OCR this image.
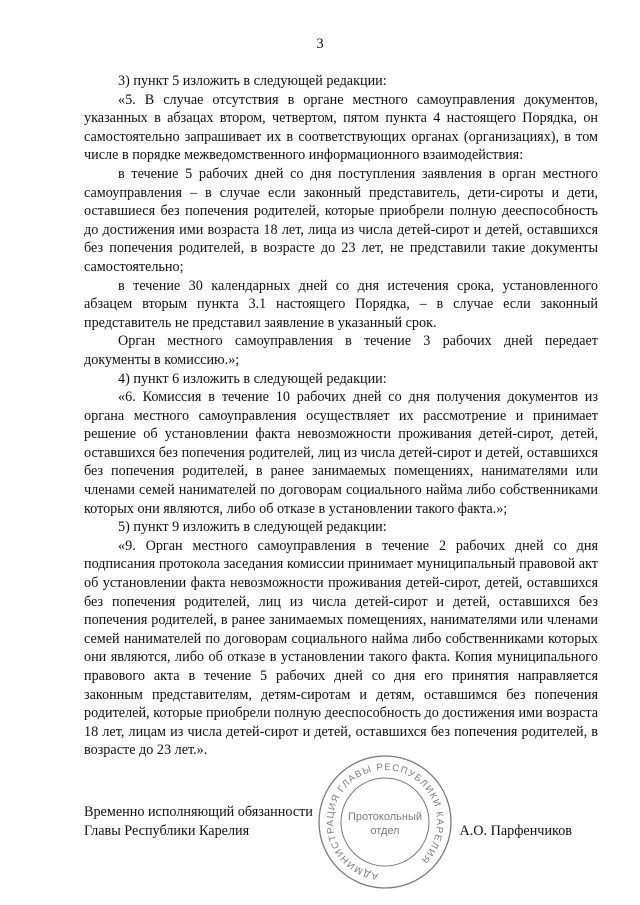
3

3) пункт 5 изложить в следующей редакции:

«5. В случае отсутствия в органе местного самоуправления документов, указанных в абзацах втором, четвертом, пятом пункта 4 настоящего Порядка, он самостоятельно запрашивает их в соответствующих органах (организациях), в том числе в порядке межведомственного информационного взаимодействия:

в течение 5 рабочих дней со дня поступления заявления в орган местного самоуправления – в случае если законный представитель, дети-сироты и дети, оставшиеся без попечения родителей, которые приобрели полную дееспособность до достижения ими возраста 18 лет, лица из числа детей-сирот и детей, оставшихся без попечения родителей, в возрасте до 23 лет, не представили такие документы самостоятельно;

в течение 30 календарных дней со дня истечения срока, установленного абзацем вторым пункта 3.1 настоящего Порядка, – в случае если законный представитель не представил заявление в указанный срок.

Орган местного самоуправления в течение 3 рабочих дней передает документы в комиссию.»;

4) пункт 6 изложить в следующей редакции:

«6. Комиссия в течение 10 рабочих дней со дня получения документов из органа местного самоуправления осуществляет их рассмотрение и принимает решение об установлении факта невозможности проживания детей-сирот, детей, оставшихся без попечения родителей, лиц из числа детей-сирот и детей, оставшихся без попечения родителей, в ранее занимаемых помещениях, нанимателями или членами семей нанимателей по договорам социального найма либо собственниками которых они являются, либо об отказе в установлении такого факта.»;

5) пункт 9 изложить в следующей редакции:

«9. Орган местного самоуправления в течение 2 рабочих дней со дня подписания протокола заседания комиссии принимает муниципальный правовой акт об установлении факта невозможности проживания детей-сирот, детей, оставшихся без попечения родителей, лиц из числа детей-сирот и детей, оставшихся без попечения родителей, в ранее занимаемых помещениях, нанимателями или членами семей нанимателей по договорам социального найма либо собственниками которых они являются, либо об отказе в установлении такого факта. Копия муниципального правового акта в течение 5 рабочих дней со дня его принятия направляется законным представителям, детям-сиротам и детям, оставшимся без попечения родителей, которые приобрели полную дееспособность до достижения ими возраста 18 лет, лицам из числа детей-сирот и детей, оставшихся без попечения родителей, в возрасте до 23 лет.».

АДМИНИСТРАЦИЯ ГЛАВЫ РЕСПУБЛИКИ КАРЕЛИЯ
Протокольный
отдел

Временно исполняющий обязанности

Главы Республики Карелия	А.О. Парфенчиков
